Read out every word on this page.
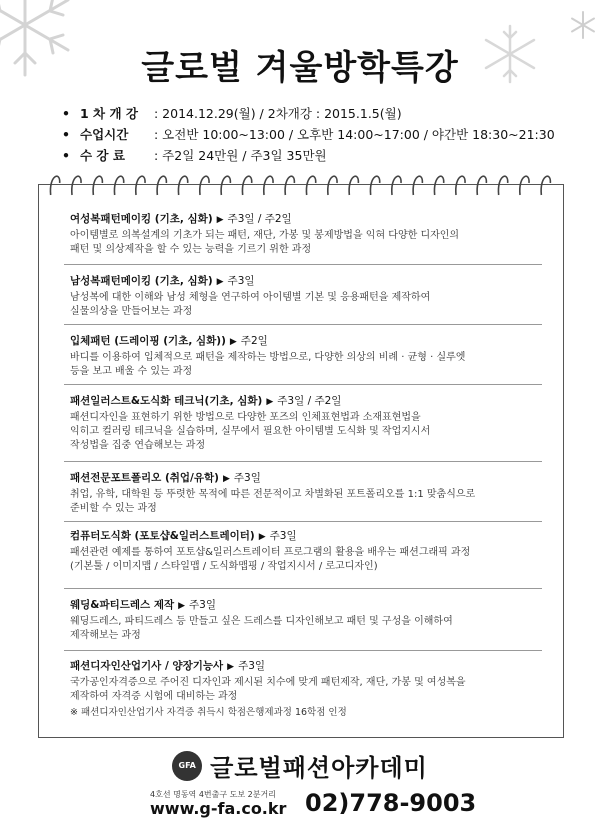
글로벌 겨울방학특강
• 1 차 개 강 : 2014.12.29(월) / 2차개강 : 2015.1.5(월)
• 수업시간 : 오전반 10:00~13:00 / 오후반 14:00~17:00 / 야간반 18:30~21:30
• 수 강 료 : 주2일 24만원 / 주3일 35만원
여성복패턴메이킹 (기초, 심화) ▶ 주3일 / 주2일
아이템별로 의복설계의 기초가 되는 패턴, 재단, 가봉 및 봉제방법을 익혀 다양한 디자인의
패턴 및 의상제작을 할 수 있는 능력을 기르기 위한 과정
남성복패턴메이킹 (기초, 심화) ▶ 주3일
남성복에 대한 이해와 남성 체형을 연구하여 아이템별 기본 및 응용패턴을 제작하여
실물의상을 만들어보는 과정
입체패턴 (드레이핑 (기초, 심화)) ▶ 주2일
바디를 이용하여 입체적으로 패턴을 제작하는 방법으로, 다양한 의상의 비례 · 균형 · 실루엣
등을 보고 배울 수 있는 과정
패션일러스트&도식화 테크닉(기초, 심화) ▶ 주3일 / 주2일
패션디자인을 표현하기 위한 방법으로 다양한 포즈의 인체표현법과 소재표현법을
익히고 컬러링 테크닉을 실습하며, 실무에서 필요한 아이템별 도식화 및 작업지시서
작성법을 집중 연습해보는 과정
패션전문포트폴리오 (취업/유학) ▶ 주3일
취업, 유학, 대학원 등 뚜렷한 목적에 따른 전문적이고 차별화된 포트폴리오를 1:1 맞춤식으로
준비할 수 있는 과정
컴퓨터도식화 (포토샵&일러스트레이터) ▶ 주3일
패션관련 예제를 통하여 포토샵&일러스트레이터 프로그램의 활용을 배우는 패션그래픽 과정
(기본툴 / 이미지맵 / 스타일맵 / 도식화맵핑 / 작업지시서 / 로고디자인)
웨딩&파티드레스 제작 ▶ 주3일
웨딩드레스, 파티드레스 등 만들고 싶은 드레스를 디자인해보고 패턴 및 구성을 이해하여
제작해보는 과정
패션디자인산업기사 / 양장기능사 ▶ 주3일
국가공인자격증으로 주어진 디자인과 제시된 치수에 맞게 패턴제작, 재단, 가봉 및 여성복을
제작하여 자격증 시험에 대비하는 과정
※ 패션디자인산업기사 자격증 취득시 학점은행제과정 16학점 인정
GFA 글로벌패션아카데미
4호선 명동역 4번출구 도보 2분거리
www.g-fa.co.kr 02)778-9003
